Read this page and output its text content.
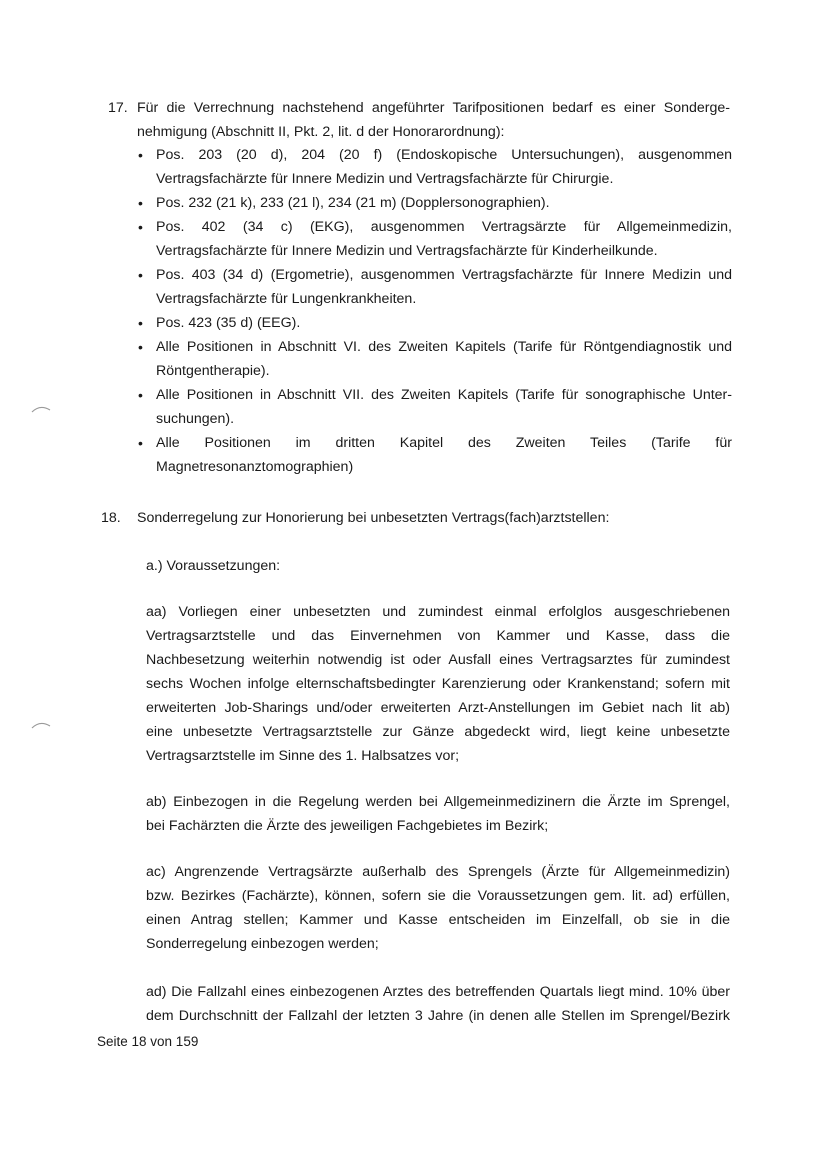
17. Für die Verrechnung nachstehend angeführter Tarifpositionen bedarf es einer Sonderge-
nehmigung (Abschnitt II, Pkt. 2, lit. d der Honorarordnung):
• Pos. 203 (20 d), 204 (20 f) (Endoskopische Untersuchungen), ausgenommen
Vertragsfachärzte für Innere Medizin und Vertragsfachärzte für Chirurgie.
• Pos. 232 (21 k), 233 (21 l), 234 (21 m) (Dopplersonographien).
• Pos. 402 (34 c) (EKG), ausgenommen Vertragsärzte für Allgemeinmedizin,
Vertragsfachärzte für Innere Medizin und Vertragsfachärzte für Kinderheilkunde.
• Pos. 403 (34 d) (Ergometrie), ausgenommen Vertragsfachärzte für Innere Medizin und
Vertragsfachärzte für Lungenkrankheiten.
• Pos. 423 (35 d) (EEG).
• Alle Positionen in Abschnitt VI. des Zweiten Kapitels (Tarife für Röntgendiagnostik und
Röntgentherapie).
• Alle Positionen in Abschnitt VII. des Zweiten Kapitels (Tarife für sonographische Unter-
suchungen).
• Alle Positionen im dritten Kapitel des Zweiten Teiles (Tarife für
Magnetresonanztomographien)
18. Sonderregelung zur Honorierung bei unbesetzten Vertrags(fach)arztstellen:
a.) Voraussetzungen:
aa) Vorliegen einer unbesetzten und zumindest einmal erfolglos ausgeschriebenen
Vertragsarztstelle und das Einvernehmen von Kammer und Kasse, dass die
Nachbesetzung weiterhin notwendig ist oder Ausfall eines Vertragsarztes für zumindest
sechs Wochen infolge elternschaftsbedingter Karenzierung oder Krankenstand; sofern mit
erweiterten Job-Sharings und/oder erweiterten Arzt-Anstellungen im Gebiet nach lit ab)
eine unbesetzte Vertragsarztstelle zur Gänze abgedeckt wird, liegt keine unbesetzte
Vertragsarztstelle im Sinne des 1. Halbsatzes vor;
ab) Einbezogen in die Regelung werden bei Allgemeinmedizinern die Ärzte im Sprengel,
bei Fachärzten die Ärzte des jeweiligen Fachgebietes im Bezirk;
ac) Angrenzende Vertragsärzte außerhalb des Sprengels (Ärzte für Allgemeinmedizin)
bzw. Bezirkes (Fachärzte), können, sofern sie die Voraussetzungen gem. lit. ad) erfüllen,
einen Antrag stellen; Kammer und Kasse entscheiden im Einzelfall, ob sie in die
Sonderregelung einbezogen werden;
ad) Die Fallzahl eines einbezogenen Arztes des betreffenden Quartals liegt mind. 10% über
dem Durchschnitt der Fallzahl der letzten 3 Jahre (in denen alle Stellen im Sprengel/Bezirk
Seite 18 von 159
